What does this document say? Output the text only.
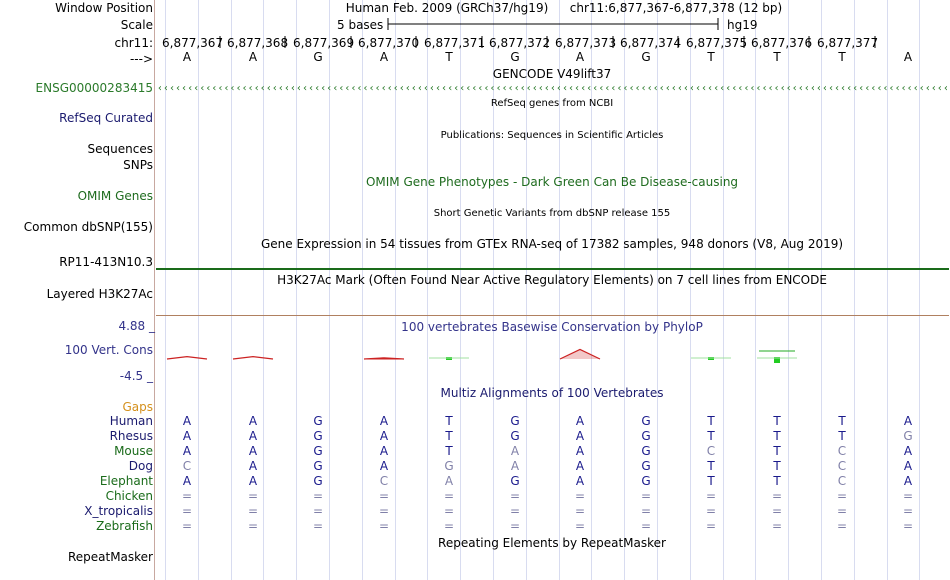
Window Position
Scale
chr11:
--->
Human Feb. 2009 (GRCh37/hg19) chr11:6,877,367-6,877,378 (12 bp)
5 bases	hg19
6,877,367 6,877,368 6,877,369 6,877,370 6,877,371 6,877,372 6,877,373 6,877,374 6,877,375 6,877,376 6,877,377
A	A	G	A	T	G	A	G	T	T	T	A
GENCODE V49lift37
ENSG00000283415
RefSeq genes from NCBI
RefSeq Curated
Publications: Sequences in Scientific Articles
Sequences
SNPs
OMIM Gene Phenotypes - Dark Green Can Be Disease-causing
OMIM Genes
Short Genetic Variants from dbSNP release 155
Common dbSNP(155)
Gene Expression in 54 tissues from GTEx RNA-seq of 17382 samples, 948 donors (V8, Aug 2019)
RP11-413N10.3
H3K27Ac Mark (Often Found Near Active Regulatory Elements) on 7 cell lines from ENCODE
Layered H3K27Ac
100 vertebrates Basewise Conservation by PhyloP
4.88 _
100 Vert. Cons
-4.5 _
‹‹‹‹‹‹‹‹‹‹‹‹‹‹‹‹‹‹‹‹‹‹‹‹‹‹‹‹‹‹‹‹‹‹‹‹‹‹‹‹‹‹‹‹‹‹‹‹‹‹‹‹‹‹‹‹‹‹‹‹‹‹‹‹‹‹‹‹‹‹‹‹‹‹‹‹‹‹‹‹‹‹‹‹‹‹‹‹‹‹‹‹‹‹‹‹‹‹‹‹‹‹‹‹‹‹‹‹‹‹‹‹‹‹‹‹‹‹‹‹‹‹‹‹‹‹‹‹‹‹‹
Multiz Alignments of 100 Vertebrates
Gaps
Human	A	A	G	A	T	G	A	G	T	T	T	A
Rhesus	A	A	G	A	T	G	A	G	T	T	T	G
Mouse	A	A	G	A	T	A	A	G	C	T	C	A
Dog	C	A	G	A	G	A	A	G	T	T	C	A
Elephant	A	A	G	C	A	G	A	G	T	T	C	A
Chicken	=	=	=	=	=	=	=	=	=	=	=	=
X_tropicalis	=	=	=	=	=	=	=	=	=	=	=	=
Zebrafish	=	=	=	=	=	=	=	=	=	=	=	=
Repeating Elements by RepeatMasker
RepeatMasker
